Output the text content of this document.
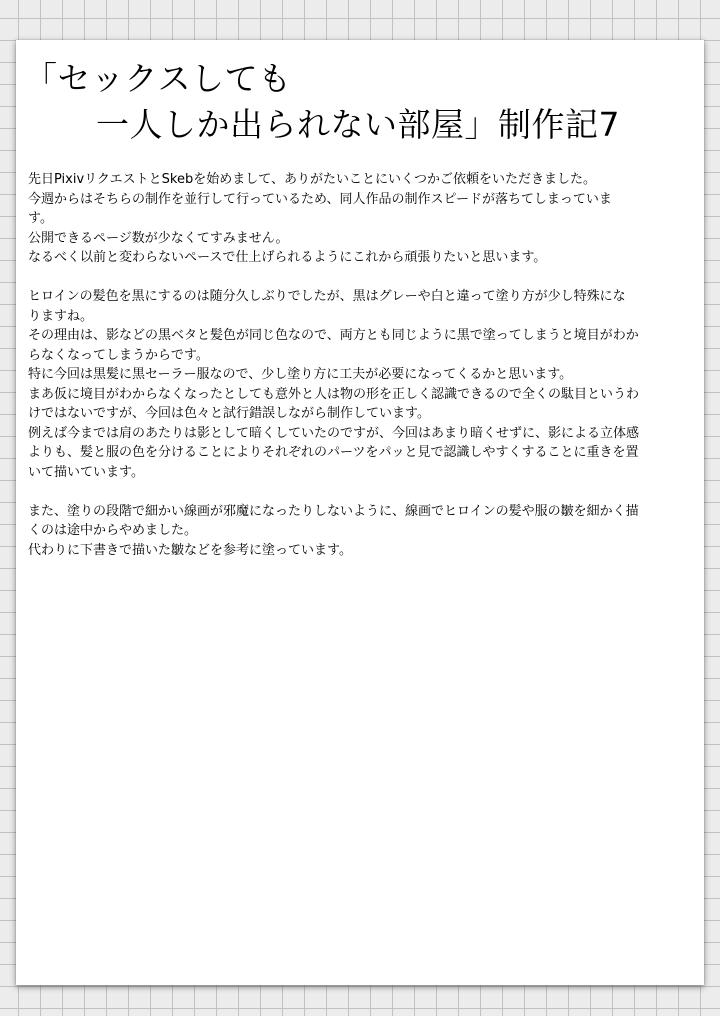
「セックスしても
一人しか出られない部屋」制作記7

先日PixivリクエストとSkebを始めまして、ありがたいことにいくつかご依頼をいただきました。
今週からはそちらの制作を並行して行っているため、同人作品の制作スピードが落ちてしまっていま
す。
公開できるページ数が少なくてすみません。
なるべく以前と変わらないペースで仕上げられるようにこれから頑張りたいと思います。

ヒロインの髪色を黒にするのは随分久しぶりでしたが、黒はグレーや白と違って塗り方が少し特殊にな
りますね。
その理由は、影などの黒ベタと髪色が同じ色なので、両方とも同じように黒で塗ってしまうと境目がわか
らなくなってしまうからです。
特に今回は黒髪に黒セーラー服なので、少し塗り方に工夫が必要になってくるかと思います。
まあ仮に境目がわからなくなったとしても意外と人は物の形を正しく認識できるので全くの駄目というわ
けではないですが、今回は色々と試行錯誤しながら制作しています。
例えば今までは肩のあたりは影として暗くしていたのですが、今回はあまり暗くせずに、影による立体感
よりも、髪と服の色を分けることによりそれぞれのパーツをパッと見で認識しやすくすることに重きを置
いて描いています。

また、塗りの段階で細かい線画が邪魔になったりしないように、線画でヒロインの髪や服の皺を細かく描
くのは途中からやめました。
代わりに下書きで描いた皺などを参考に塗っています。
